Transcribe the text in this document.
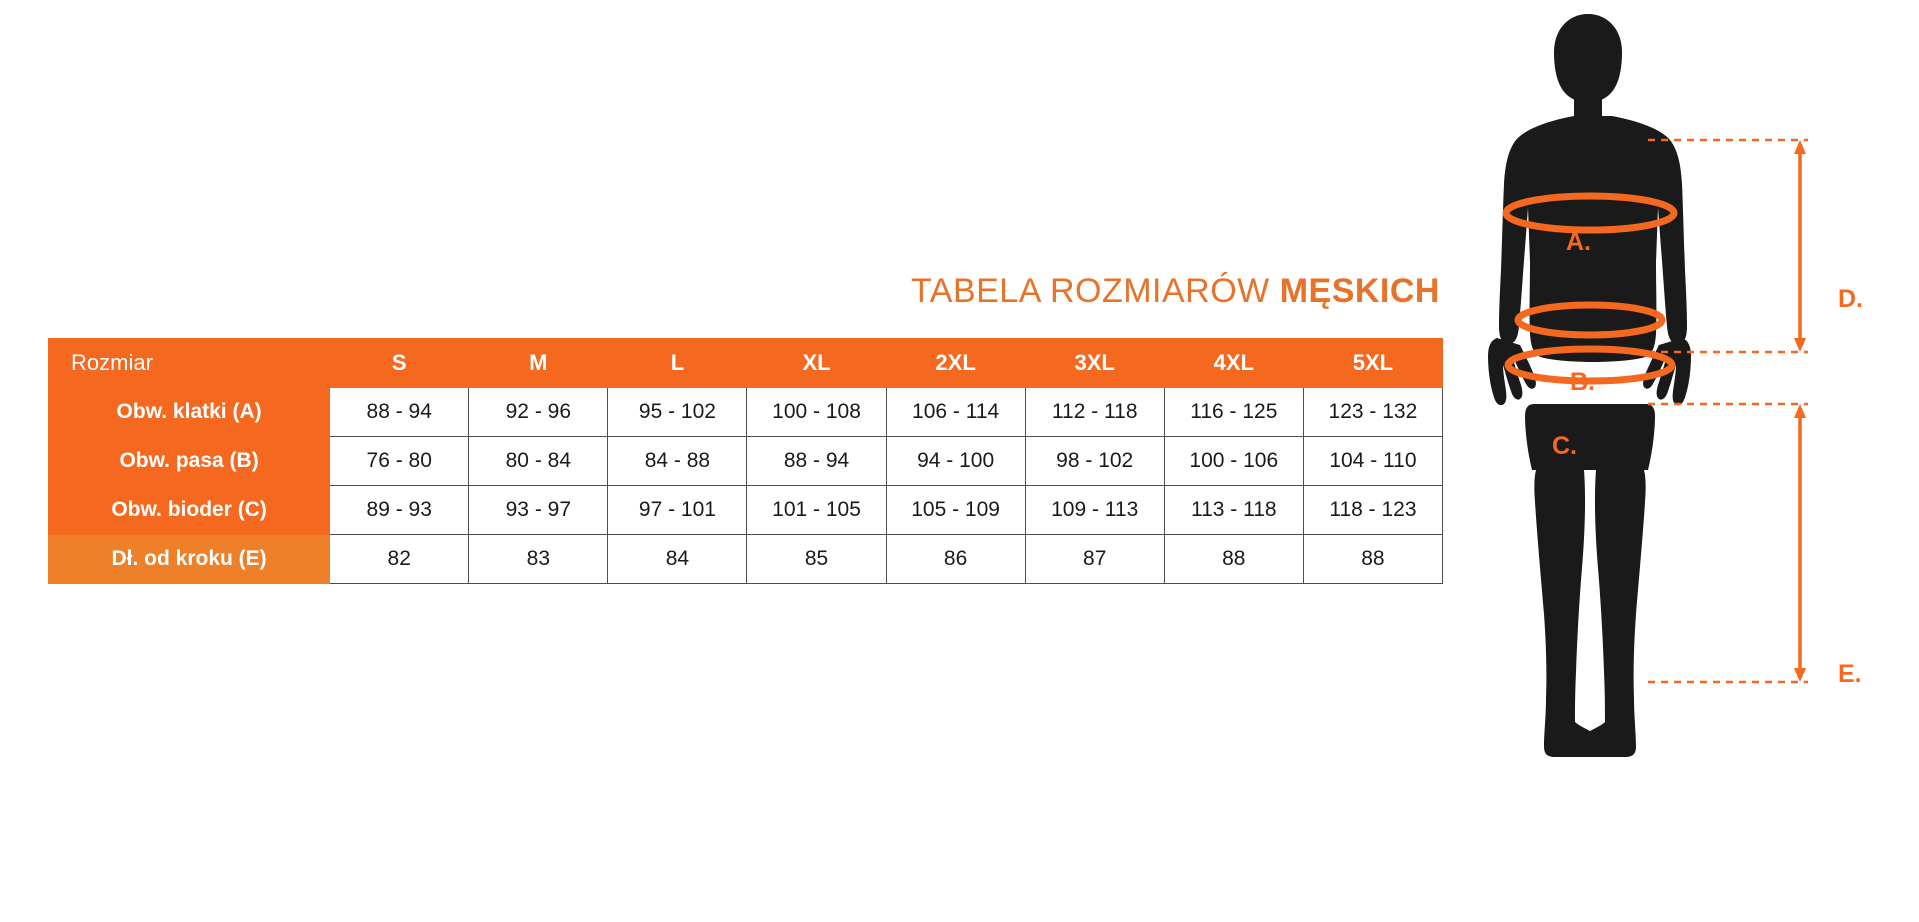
TABELA ROZMIARÓW MĘSKICH
Rozmiar	S	M	L	XL	2XL	3XL	4XL	5XL
Obw. klatki (A)	88 - 94	92 - 96	95 - 102	100 - 108	106 - 114	112 - 118	116 - 125	123 - 132
Obw. pasa (B)	76 - 80	80 - 84	84 - 88	88 - 94	94 - 100	98 - 102	100 - 106	104 - 110
Obw. bioder (C)	89 - 93	93 - 97	97 - 101	101 - 105	105 - 109	109 - 113	113 - 118	118 - 123
Dł. od kroku (E)	82	83	84	85	86	87	88	88
A.
B.
C.
D.
E.
